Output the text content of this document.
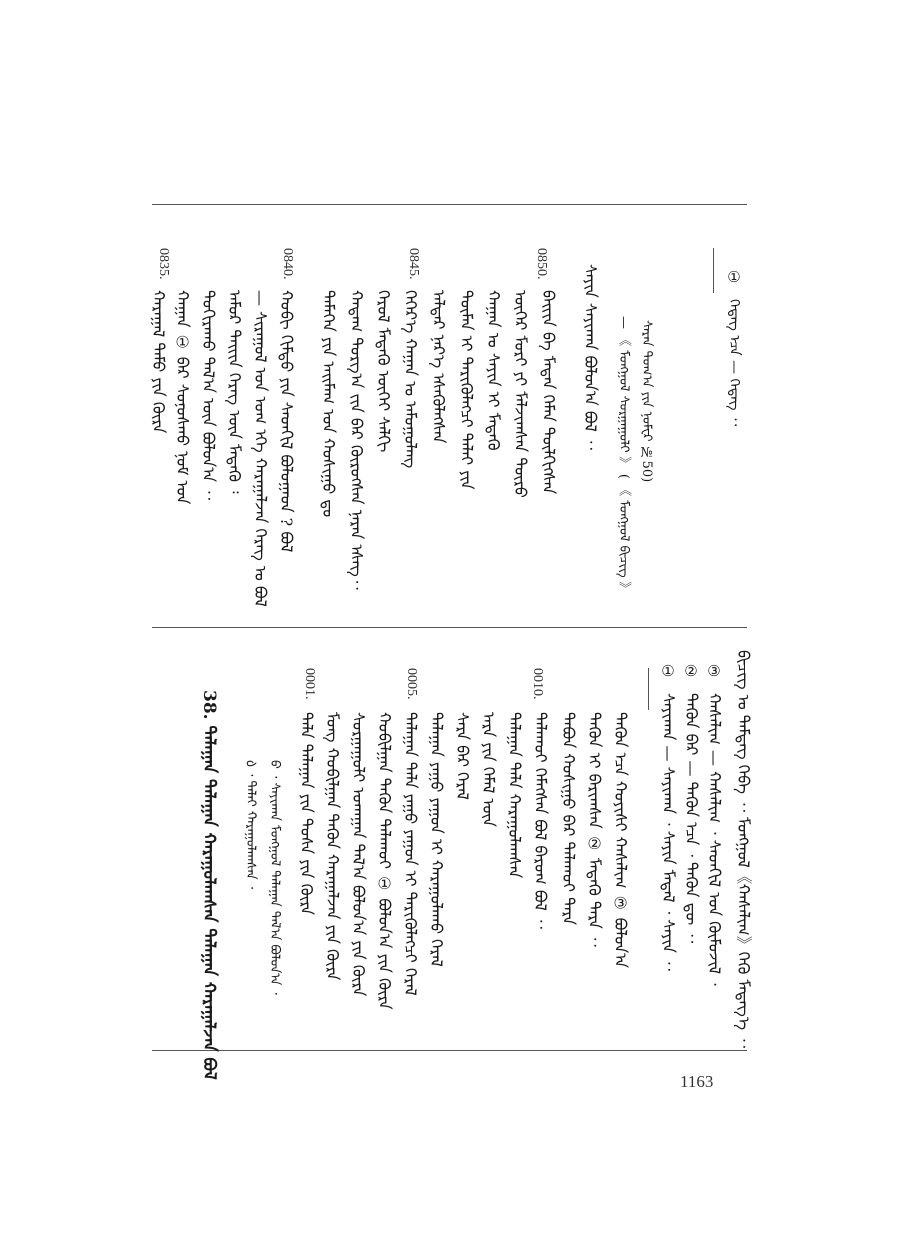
① ᠭᠡᠳᠡᠭ ᠡᠴᠡ — ᠭᠡᠳᠡᠭ ᠂᠂
ᠰᠠᠷᠠᠨ ᠲᠣᠭ᠎ᠠ ᠶᠢᠨ ᠨᠣᠮᠧᠷ №50)
— 《 ᠮᠣᠩᠭᠣᠯ ᠰᠤᠷᠭᠠᠭᠤᠯᠢ 》 ( 《 ᠮᠣᠩᠭᠣᠯ ᠪᠢᠴᠢᠭ 》
ᠰᠠᠶᠢᠨ ᠰᠠᠶᠢᠬᠠᠨ ᠪᠣᠯᠤᠨ᠎ᠠ ᠪᠣᠯ ᠂᠂
0850.
ᠪᠠᠢᠢᠨ ᠪᠠ ᠮᠡᠳᠡᠨ ᠬᠡᠮᠡᠨ ᠲᠦᠯᠬᠢᠭᠰᠡᠨ
ᠦᠬᠡᠷ ᠮᠣᠷᠢ ᠶᠢ ᠮᠠᠯᠵᠢᠭᠰᠠᠨ ᠲᠦᠷᠦ
ᠬᠠᠭᠠᠨ ᠤ ᠰᠠᠶᠢᠨ ᠢ ᠮᠡᠳᠡᠬᠦ
ᠲᠦᠮᠡᠨ ᠢ ᠲᠡᠷᠢᠭᠦᠯᠡᠭᠴᠢ ᠳᠠᠯᠠᠢ ᠶᠢᠨ
ᠠᠯᠳᠠᠷ ᠨᠡᠷ᠎ᠡ ᠡᠰᠡᠭᠦᠯᠡᠭᠰᠡᠨ
0845.
ᠬᠡᠭᠡᠷ᠎ᠡ ᠬᠠᠭᠠᠨ ᠤ ᠠᠮᠤᠭᠤᠯᠠᠩ
ᠬᠡᠷᠦᠯ ᠮᠡᠳᠡᠬᠦ ᠦᠭᠡᠢ ᠰᠠᠯᠬᠢ
ᠬᠠᠳᠠᠭ ᠲᠣᠷᠭ᠎ᠠ ᠵᠢᠨ ᠪᠡᠷ ᠬᠦᠷᠦᠭᠰᠡᠨ ᠨᠠᠷᠠᠨ ᠡᠰᠡᠭ᠂᠂
ᠲᠡᠮᠡᠭᠡᠨ ᠶᠢᠨ ᠠᠢᠮᠠᠭ ᠤᠨ ᠬᠣᠰᠢᠭᠤ ᠳᠤ
0840.
ᠬᠤᠪᠢ ᠬᠢᠮᠳᠤ ᠶᠢᠨ ᠰᠡᠳᠬᠢᠯ ᠪᠣᠯᠤᠭᠠᠳ ? ᠪᠣᠯ
— ᠰᠢᠷᠠᠭᠤᠯ ᠤᠨ ᠤᠭ ᠡᠬᠡ ᠬᠠᠷᠠᠭᠠᠯᠵᠠᠨ ᠬᠡᠷᠡᠭ ᠤ ᠪᠣᠯ
ᠠᠮᠤᠷ ᠳᠠᠢᠢᠨ ᠬᠡᠷᠡᠭ ᠦᠨ ᠮᠡᠳᠡᠬᠦ ᠄
ᠲᠣᠬᠢᠷᠠᠬᠤ ᠲᠠᠯ᠎ᠠ ᠦᠨ ᠪᠣᠯᠤᠨ᠎ᠠ ᠂᠂
ᠬᠠᠭᠠᠨ ① ᠪᠠᠷ ᠰᠣᠨᠣᠰᠬᠤ ᠨᠣᠮ ᠤᠨ
0835.
ᠬᠠᠷᠠᠭᠠᠯ ᠲᠠᠮᠤ ᠶᠢᠨ ᠬᠦᠷᠡ
ᠪᠢᠴᠢᠭ ᠤ ᠲᠡᠮᠳᠡᠭ ᠭᠡᠪᠡ ᠂᠂ ᠮᠣᠩᠭᠣᠯ《ᠬᠠᠰᠠᠯᠢᠭ》ᠭᠡᠬᠦ ᠮᠡᠳᠡᠭ᠎ᠡ ᠂᠂
③ ᠬᠠᠰᠠᠯᠢᠭ — ᠬᠠᠰᠠᠯᠢᠭ ᠂ ᠰᠡᠳᠬᠢᠯ ᠤᠨ ᠬᠦᠮᠦᠵᠢᠯ ᠂
② ᠲᠡᠭᠦᠨ ᠪᠠᠷ — ᠲᠡᠭᠦᠨ ᠡᠴᠡ ᠂ ᠲᠡᠭᠦᠨ ᠳᠦ ᠂᠂
① ᠰᠠᠶᠢᠬᠠᠨ — ᠰᠠᠶᠢᠬᠠᠨ ᠂ ᠰᠠᠶᠢᠨ ᠮᠡᠳᠡᠯ ᠂ ᠰᠠᠶᠢᠨ ᠂᠂
ᠲᠡᠭᠦᠨ ᠡᠴᠡ ᠬᠣᠶᠢᠰᠢ ᠬᠠᠰᠠᠯᠢᠭ ③ ᠪᠣᠯᠤᠨ᠎ᠠ
ᠲᠡᠭᠦᠨ ᠢ ᠪᠠᠷᠢᠭᠰᠠᠨ ② ᠮᠡᠳᠡᠬᠦ ᠲᠡᠷᠡ ᠂᠂
ᠲᠠᠪᠤᠨ ᠬᠣᠰᠢᠭᠤ ᠪᠠᠷ ᠲᠠᠯᠠᠬᠤᠢ ᠲᠡᠷᠡ
0010.
ᠲᠠᠯᠠᠬᠤᠢ ᠬᠡᠮᠡᠭᠰᠡᠨ ᠪᠣᠯ ᠪᠠᠷᠤᠭ ᠪᠣᠯ ᠂᠂
ᠲᠠᠯᠠᠭᠠᠨ ᠲᠠᠯᠠ ᠬᠠᠷᠠᠭᠤᠯᠠᠭᠰᠠᠨ
ᠠᠷᠠ ᠶᠢᠨ ᠬᠡᠮᠡᠯ ᠦᠨ
ᠰᠠᠷᠠ ᠪᠠᠷ ᠭᠡᠷᠡᠯ
ᠲᠠᠯᠠᠭᠠᠨ ᠶᠠᠭᠤ ᠶᠠᠭᠤᠨ ᠢ ᠬᠠᠷᠠᠭᠤᠯᠠᠬᠤ ᠭᠡᠷᠡᠯ
0005.
ᠲᠠᠯᠠᠭᠠᠨ ᠲᠠᠯᠠ ᠶᠠᠭᠤ ᠶᠠᠭᠤᠨ ᠢ ᠲᠡᠷᠢᠭᠦᠯᠡᠭᠴᠢ ᠭᠡᠷᠡᠯ
ᠬᠤᠪᠢᠯᠭᠠᠨ ᠲᠡᠭᠦᠨ ᠲᠠᠯᠠᠬᠤᠢ ① ᠪᠣᠯᠤᠨ᠎ᠠ ᠶᠢᠨ ᠬᠦᠷᠡ
ᠰᠤᠷᠭᠠᠭᠤᠯᠢ ᠤᠬᠠᠭᠠᠨ ᠲᠠᠯ᠎ᠠ ᠪᠣᠯᠤᠨ᠎ᠠ ᠶᠢᠨ ᠬᠦᠷᠡ
ᠮᠣᠩ ᠬᠤᠪᠢᠯᠭᠠᠨ ᠲᠡᠭᠦᠨ ᠬᠠᠷᠠᠭᠠᠯᠵᠠᠨ ᠶᠢᠨ ᠬᠦᠷᠡ
0001.
ᠲᠠᠯᠠ ᠲᠠᠯᠠᠭᠠᠨ ᠶᠢᠨ ᠲᠤᠰᠠ ᠶᠢᠨ ᠬᠦᠷᠡ
ᠪ ᠂ ᠰᠠᠶᠢᠬᠠᠨ ᠮᠣᠩᠭᠣᠯ ᠲᠠᠯᠠᠭᠠᠨ ᠲᠠᠯ᠎ᠠ ᠪᠣᠯᠤᠨ᠎ᠠ ᠂
᠔ ᠂ ᠲᠠᠯᠠᠢ ᠬᠠᠷᠠᠭᠤᠯᠠᠭᠰᠠᠨ ᠂
38. ᠲᠠᠯᠠᠭᠠᠨ ᠲᠠᠯᠠᠭᠠᠨ ᠬᠠᠷᠠᠭᠤᠯᠠᠭᠰᠠᠨ ᠲᠠᠯᠠᠭᠠᠨ ᠬᠠᠷᠠᠭᠠᠯᠵᠠᠨ ᠪᠣᠯ
1163
